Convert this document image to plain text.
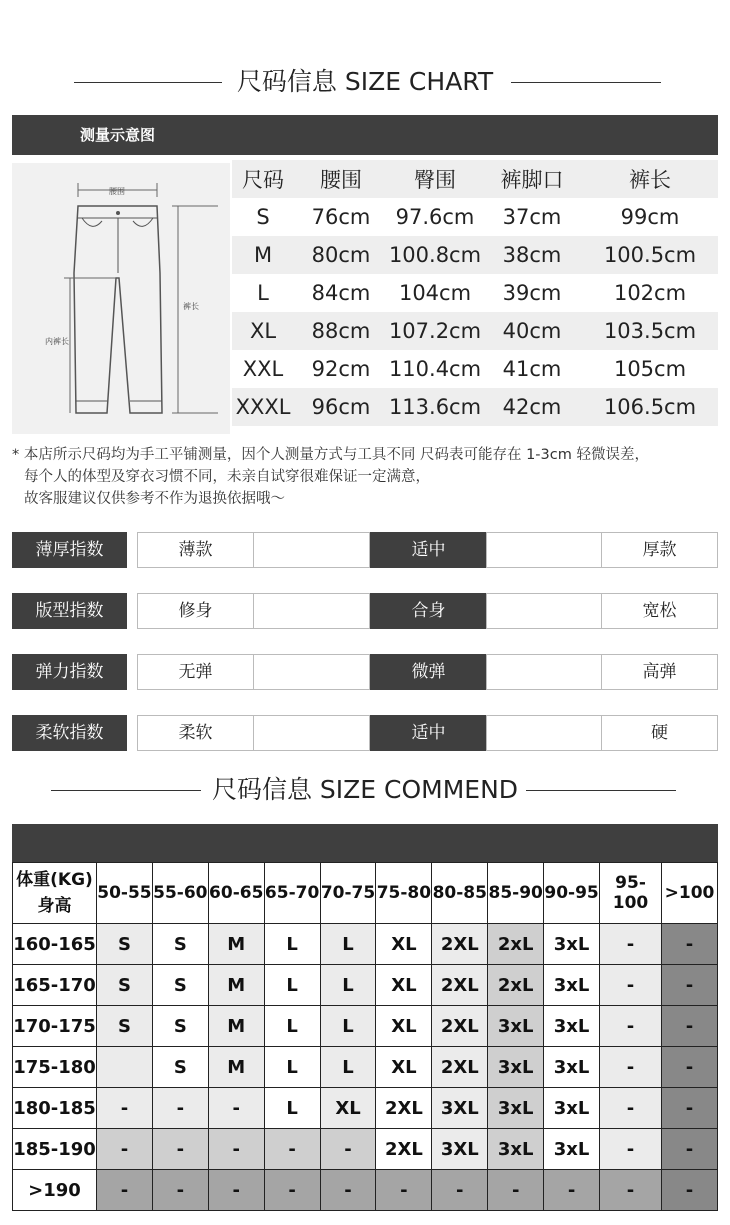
尺码信息 SIZE CHART
测量示意图
腰围
裤长
内裤长
尺码	腰围	臀围	裤脚口	裤长
S	76cm	97.6cm	37cm	99cm
M	80cm	100.8cm	38cm	100.5cm
L	84cm	104cm	39cm	102cm
XL	88cm	107.2cm	40cm	103.5cm
XXL	92cm	110.4cm	41cm	105cm
XXXL	96cm	113.6cm	42cm	106.5cm
* 本店所示尺码均为手工平铺测量，因个人测量方式与工具不同 尺码表可能存在 1-3cm 轻微误差，
每个人的体型及穿衣习惯不同，未亲自试穿很难保证一定满意，
故客服建议仅供参考不作为退换依据哦～
薄厚指数	薄款	适中	厚款
版型指数	修身	合身	宽松
弹力指数	无弹	微弹	高弹
柔软指数	柔软	适中	硬
尺码信息 SIZE COMMEND
体重(KG)
身高	50-55	55-60	60-65	65-70	70-75	75-80	80-85	85-90	90-95	95-100	>100
160-165	S	S	M	L	L	XL	2XL	2xL	3xL	-	-
165-170	S	S	M	L	L	XL	2XL	2xL	3xL	-	-
170-175	S	S	M	L	L	XL	2XL	3xL	3xL	-	-
175-180		S	M	L	L	XL	2XL	3xL	3xL	-	-
180-185	-	-	-	L	XL	2XL	3XL	3xL	3xL	-	-
185-190	-	-	-	-	-	2XL	3XL	3xL	3xL	-	-
>190	-	-	-	-	-	-	-	-	-	-	-
